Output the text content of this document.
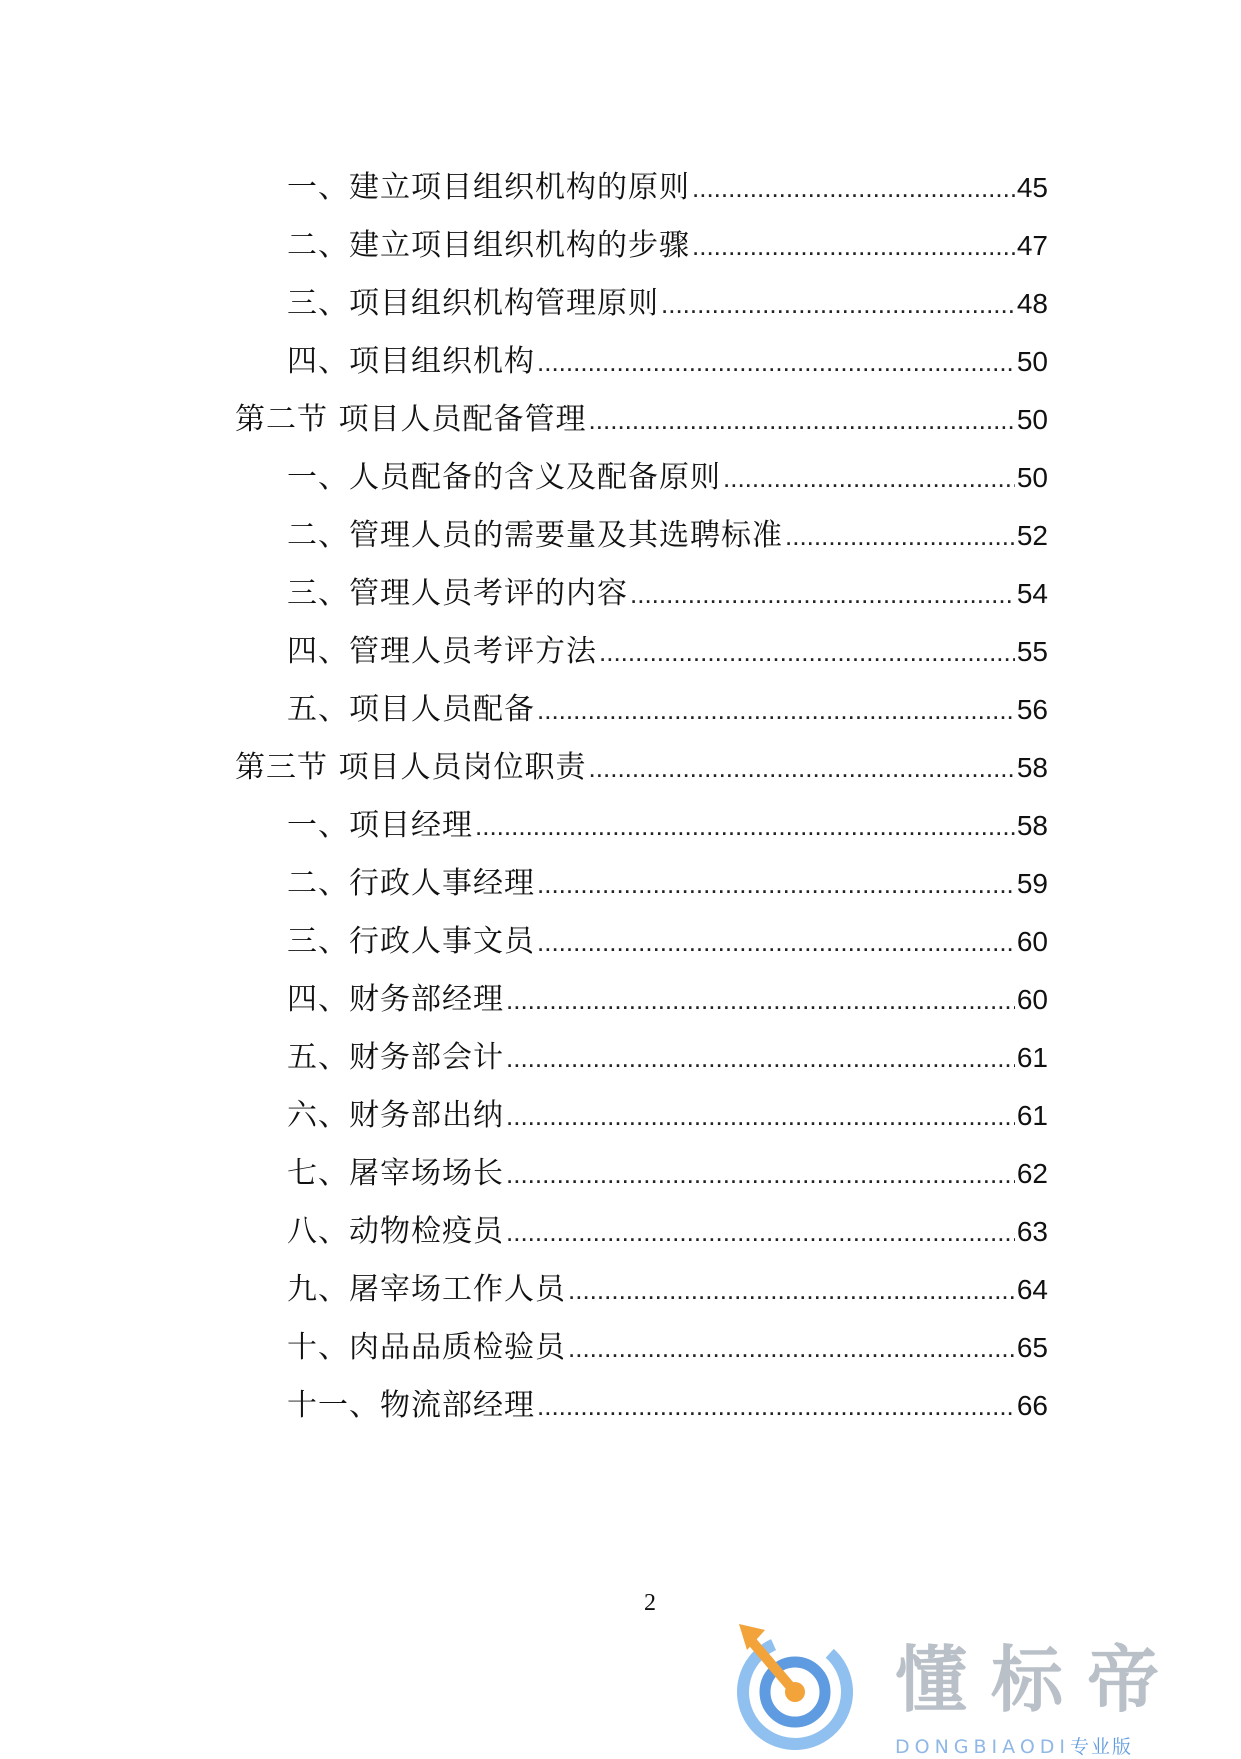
一、建立项目组织机构的原则 .....	45
二、建立项目组织机构的步骤 .....	47
三、项目组织机构管理原则 .....	48
四、项目组织机构 .....	50
第二节 项目人员配备管理 .....	50
一、人员配备的含义及配备原则 .....	50
二、管理人员的需要量及其选聘标准 .....	52
三、管理人员考评的内容 .....	54
四、管理人员考评方法 .....	55
五、项目人员配备 .....	56
第三节 项目人员岗位职责 .....	58
一、项目经理 .....	58
二、行政人事经理 .....	59
三、行政人事文员 .....	60
四、财务部经理 .....	60
五、财务部会计 .....	61
六、财务部出纳 .....	61
七、屠宰场场长 .....	62
八、动物检疫员 .....	63
九、屠宰场工作人员 .....	64
十、肉品品质检验员 .....	65
十一、物流部经理 .....	66
2
懂标帝
DONGBIAODI专业版
